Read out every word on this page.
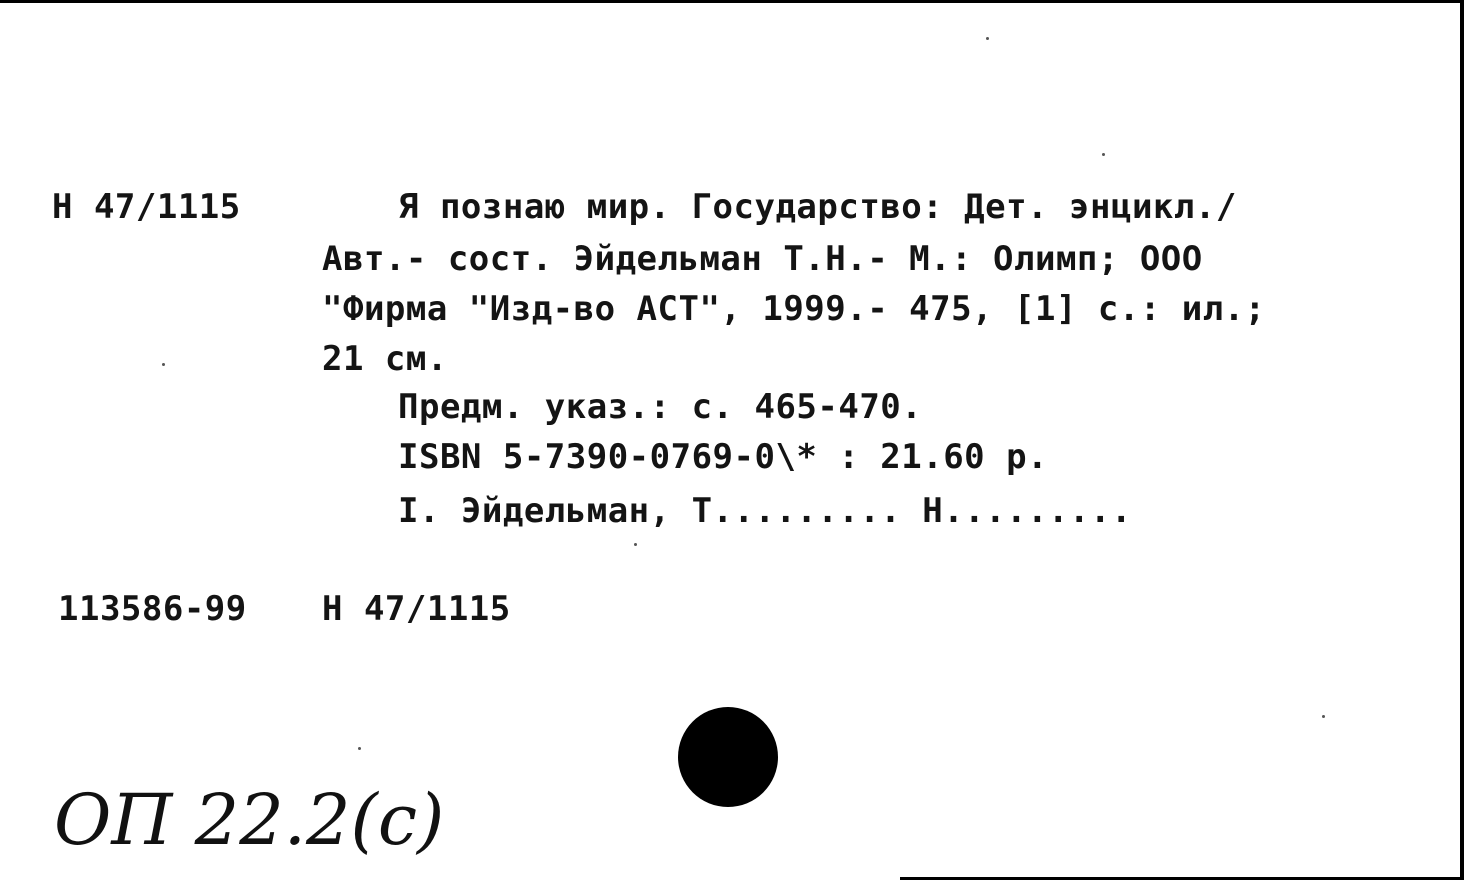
Н 47/1115	Я познаю мир. Государство: Дет. энцикл./
Авт.- сост. Эйдельман Т.Н.- М.: Олимп; ООО
"Фирма "Изд-во АСТ", 1999.- 475, [1] с.: ил.;
21 см.
Предм. указ.: с. 465-470.
ISBN 5-7390-0769-0\* : 21.60 р.
I. Эйдельман, Т......... Н.........
113586-99 Н 47/1115
ОП 22.2(с)
